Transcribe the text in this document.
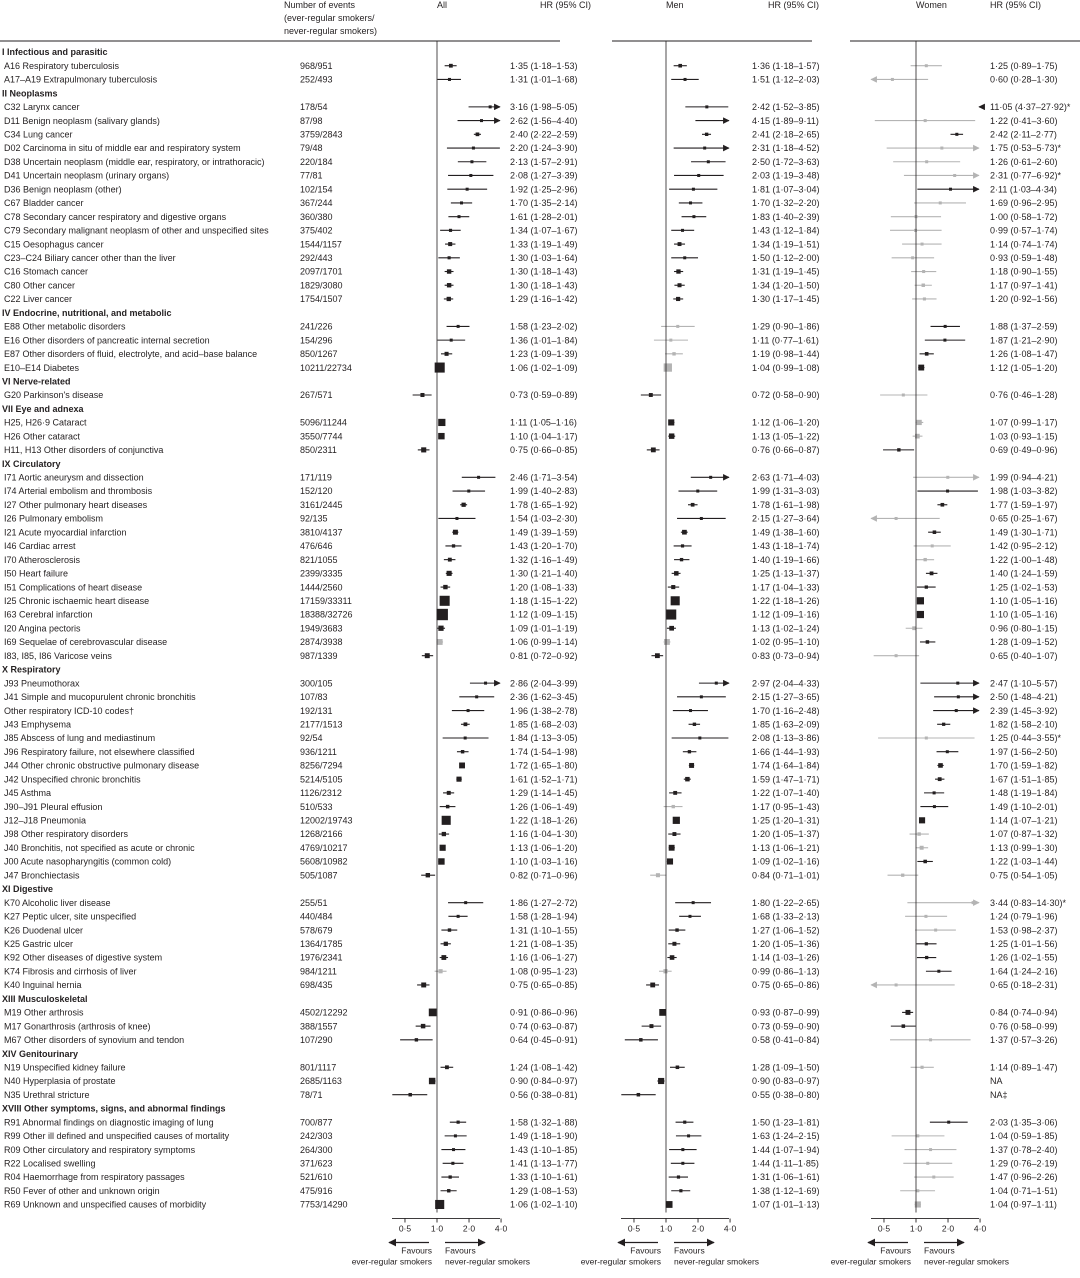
Number of events
(ever-regular smokers/
never-regular smokers)
All	HR (95% CI)	Men	HR (95% CI)	Women	HR (95% CI)
I Infectious and parasitic
A16 Respiratory tuberculosis	968/951	1·35 (1·18–1·53)	1·36 (1·18–1·57)	1·25 (0·89–1·75)
A17–A19 Extrapulmonary tuberculosis	252/493	1·31 (1·01–1·68)	1·51 (1·12–2·03)	0·60 (0·28–1·30)
II Neoplasms
C32 Larynx cancer	178/54	3·16 (1·98–5·05)	2·42 (1·52–3·85)	11·05 (4·37–27·92)*
D11 Benign neoplasm (salivary glands)	87/98	2·62 (1·56–4·40)	4·15 (1·89–9·11)	1·22 (0·41–3·60)
C34 Lung cancer	3759/2843	2·40 (2·22–2·59)	2·41 (2·18–2·65)	2·42 (2·11–2·77)
D02 Carcinoma in situ of middle ear and respiratory system	79/48	2·20 (1·24–3·90)	2·31 (1·18–4·52)	1·75 (0·53–5·73)*
D38 Uncertain neoplasm (middle ear, respiratory, or intrathoracic)	220/184	2·13 (1·57–2·91)	2·50 (1·72–3·63)	1·26 (0·61–2·60)
D41 Uncertain neoplasm (urinary organs)	77/81	2·08 (1·27–3·39)	2·03 (1·19–3·48)	2·31 (0·77–6·92)*
D36 Benign neoplasm (other)	102/154	1·92 (1·25–2·96)	1·81 (1·07–3·04)	2·11 (1·03–4·34)
C67 Bladder cancer	367/244	1·70 (1·35–2·14)	1·70 (1·32–2·20)	1·69 (0·96–2·95)
C78 Secondary cancer respiratory and digestive organs	360/380	1·61 (1·28–2·01)	1·83 (1·40–2·39)	1·00 (0·58–1·72)
C79 Secondary malignant neoplasm of other and unspecified sites	375/402	1·34 (1·07–1·67)	1·43 (1·12–1·84)	0·99 (0·57–1·74)
C15 Oesophagus cancer	1544/1157	1·33 (1·19–1·49)	1·34 (1·19–1·51)	1·14 (0·74–1·74)
C23–C24 Biliary cancer other than the liver	292/443	1·30 (1·03–1·64)	1·50 (1·12–2·00)	0·93 (0·59–1·48)
C16 Stomach cancer	2097/1701	1·30 (1·18–1·43)	1·31 (1·19–1·45)	1·18 (0·90–1·55)
C80 Other cancer	1829/3080	1·30 (1·18–1·43)	1·34 (1·20–1·50)	1·17 (0·97–1·41)
C22 Liver cancer	1754/1507	1·29 (1·16–1·42)	1·30 (1·17–1·45)	1·20 (0·92–1·56)
IV Endocrine, nutritional, and metabolic
E88 Other metabolic disorders	241/226	1·58 (1·23–2·02)	1·29 (0·90–1·86)	1·88 (1·37–2·59)
E16 Other disorders of pancreatic internal secretion	154/296	1·36 (1·01–1·84)	1·11 (0·77–1·61)	1·87 (1·21–2·90)
E87 Other disorders of fluid, electrolyte, and acid–base balance	850/1267	1·23 (1·09–1·39)	1·19 (0·98–1·44)	1·26 (1·08–1·47)
E10–E14 Diabetes	10211/22734	1·06 (1·02–1·09)	1·04 (0·99–1·08)	1·12 (1·05–1·20)
VI Nerve-related
G20 Parkinson's disease	267/571	0·73 (0·59–0·89)	0·72 (0·58–0·90)	0·76 (0·46–1·28)
VII Eye and adnexa
H25, H26·9 Cataract	5096/11244	1·11 (1·05–1·16)	1·12 (1·06–1·20)	1·07 (0·99–1·17)
H26 Other cataract	3550/7744	1·10 (1·04–1·17)	1·13 (1·05–1·22)	1·03 (0·93–1·15)
H11, H13 Other disorders of conjunctiva	850/2311	0·75 (0·66–0·85)	0·76 (0·66–0·87)	0·69 (0·49–0·96)
IX Circulatory
I71 Aortic aneurysm and dissection	171/119	2·46 (1·71–3·54)	2·63 (1·71–4·03)	1·99 (0·94–4·21)
I74 Arterial embolism and thrombosis	152/120	1·99 (1·40–2·83)	1·99 (1·31–3·03)	1·98 (1·03–3·82)
I27 Other pulmonary heart diseases	3161/2445	1·78 (1·65–1·92)	1·78 (1·61–1·98)	1·77 (1·59–1·97)
I26 Pulmonary embolism	92/135	1·54 (1·03–2·30)	2·15 (1·27–3·64)	0·65 (0·25–1·67)
I21 Acute myocardial infarction	3810/4137	1·49 (1·39–1·59)	1·49 (1·38–1·60)	1·49 (1·30–1·71)
I46 Cardiac arrest	476/646	1·43 (1·20–1·70)	1·43 (1·18–1·74)	1·42 (0·95–2·12)
I70 Atherosclerosis	821/1055	1·32 (1·16–1·49)	1·40 (1·19–1·66)	1·22 (1·00–1·48)
I50 Heart failure	2399/3335	1·30 (1·21–1·40)	1·25 (1·13–1·37)	1·40 (1·24–1·59)
I51 Complications of heart disease	1444/2560	1·20 (1·08–1·33)	1·17 (1·04–1·33)	1·25 (1·02–1·53)
I25 Chronic ischaemic heart disease	17159/33311	1·18 (1·15–1·22)	1·22 (1·18–1·26)	1·10 (1·05–1·16)
I63 Cerebral infarction	18388/32726	1·12 (1·09–1·15)	1·12 (1·09–1·16)	1·10 (1·05–1·16)
I20 Angina pectoris	1949/3683	1·09 (1·01–1·19)	1·13 (1·02–1·24)	0·96 (0·80–1·15)
I69 Sequelae of cerebrovascular disease	2874/3938	1·06 (0·99–1·14)	1·02 (0·95–1·10)	1·28 (1·09–1·52)
I83, I85, I86 Varicose veins	987/1339	0·81 (0·72–0·92)	0·83 (0·73–0·94)	0·65 (0·40–1·07)
X Respiratory
J93 Pneumothorax	300/105	2·86 (2·04–3·99)	2·97 (2·04–4·33)	2·47 (1·10–5·57)
J41 Simple and mucopurulent chronic bronchitis	107/83	2·36 (1·62–3·45)	2·15 (1·27–3·65)	2·50 (1·48–4·21)
Other respiratory ICD-10 codes†	192/131	1·96 (1·38–2·78)	1·70 (1·16–2·48)	2·39 (1·45–3·92)
J43 Emphysema	2177/1513	1·85 (1·68–2·03)	1·85 (1·63–2·09)	1·82 (1·58–2·10)
J85 Abscess of lung and mediastinum	92/54	1·84 (1·13–3·05)	2·08 (1·13–3·86)	1·25 (0·44–3·55)*
J96 Respiratory failure, not elsewhere classified	936/1211	1·74 (1·54–1·98)	1·66 (1·44–1·93)	1·97 (1·56–2·50)
J44 Other chronic obstructive pulmonary disease	8256/7294	1·72 (1·65–1·80)	1·74 (1·64–1·84)	1·70 (1·59–1·82)
J42 Unspecified chronic bronchitis	5214/5105	1·61 (1·52–1·71)	1·59 (1·47–1·71)	1·67 (1·51–1·85)
J45 Asthma	1126/2312	1·29 (1·14–1·45)	1·22 (1·07–1·40)	1·48 (1·19–1·84)
J90–J91 Pleural effusion	510/533	1·26 (1·06–1·49)	1·17 (0·95–1·43)	1·49 (1·10–2·01)
J12–J18 Pneumonia	12002/19743	1·22 (1·18–1·26)	1·25 (1·20–1·31)	1·14 (1·07–1·21)
J98 Other respiratory disorders	1268/2166	1·16 (1·04–1·30)	1·20 (1·05–1·37)	1·07 (0·87–1·32)
J40 Bronchitis, not specified as acute or chronic	4769/10217	1·13 (1·06–1·20)	1·13 (1·06–1·21)	1·13 (0·99–1·30)
J00 Acute nasopharyngitis (common cold)	5608/10982	1·10 (1·03–1·16)	1·09 (1·02–1·16)	1·22 (1·03–1·44)
J47 Bronchiectasis	505/1087	0·82 (0·71–0·96)	0·84 (0·71–1·01)	0·75 (0·54–1·05)
XI Digestive
K70 Alcoholic liver disease	255/51	1·86 (1·27–2·72)	1·80 (1·22–2·65)	3·44 (0·83–14·30)*
K27 Peptic ulcer, site unspecified	440/484	1·58 (1·28–1·94)	1·68 (1·33–2·13)	1·24 (0·79–1·96)
K26 Duodenal ulcer	578/679	1·31 (1·10–1·55)	1·27 (1·06–1·52)	1·53 (0·98–2·37)
K25 Gastric ulcer	1364/1785	1·21 (1·08–1·35)	1·20 (1·05–1·36)	1·25 (1·01–1·56)
K92 Other diseases of digestive system	1976/2341	1·16 (1·06–1·27)	1·14 (1·03–1·26)	1·26 (1·02–1·55)
K74 Fibrosis and cirrhosis of liver	984/1211	1·08 (0·95–1·23)	0·99 (0·86–1·13)	1·64 (1·24–2·16)
K40 Inguinal hernia	698/435	0·75 (0·65–0·85)	0·75 (0·65–0·86)	0·65 (0·18–2·31)
XIII Musculoskeletal
M19 Other arthrosis	4502/12292	0·91 (0·86–0·96)	0·93 (0·87–0·99)	0·84 (0·74–0·94)
M17 Gonarthrosis (arthrosis of knee)	388/1557	0·74 (0·63–0·87)	0·73 (0·59–0·90)	0·76 (0·58–0·99)
M67 Other disorders of synovium and tendon	107/290	0·64 (0·45–0·91)	0·58 (0·41–0·84)	1·37 (0·57–3·26)
XIV Genitourinary
N19 Unspecified kidney failure	801/1117	1·24 (1·08–1·42)	1·28 (1·09–1·50)	1·14 (0·89–1·47)
N40 Hyperplasia of prostate	2685/1163	0·90 (0·84–0·97)	0·90 (0·83–0·97)	NA
N35 Urethral stricture	78/71	0·56 (0·38–0·81)	0·55 (0·38–0·80)	NA‡
XVIII Other symptoms, signs, and abnormal findings
R91 Abnormal findings on diagnostic imaging of lung	700/877	1·58 (1·32–1·88)	1·50 (1·23–1·81)	2·03 (1·35–3·06)
R99 Other ill defined and unspecified causes of mortality	242/303	1·49 (1·18–1·90)	1·63 (1·24–2·15)	1·04 (0·59–1·85)
R09 Other circulatory and respiratory symptoms	264/300	1·43 (1·10–1·85)	1·44 (1·07–1·94)	1·37 (0·78–2·40)
R22 Localised swelling	371/623	1·41 (1·13–1·77)	1·44 (1·11–1·85)	1·29 (0·76–2·19)
R04 Haemorrhage from respiratory passages	521/610	1·33 (1·10–1·61)	1·31 (1·06–1·61)	1·47 (0·96–2·26)
R50 Fever of other and unknown origin	475/916	1·29 (1·08–1·53)	1·38 (1·12–1·69)	1·04 (0·71–1·51)
R69 Unknown and unspecified causes of morbidity	7753/14290	1·06 (1·02–1·10)	1·07 (1·01–1·13)	1·04 (0·97–1·11)
0·5 1·0 2·0 4·0
Favours
ever-regular smokers
Favours
never-regular smokers
0·5 1·0 2·0 4·0
Favours
ever-regular smokers
Favours
never-regular smokers
0·5 1·0 2·0 4·0
Favours
ever-regular smokers
Favours
never-regular smokers
